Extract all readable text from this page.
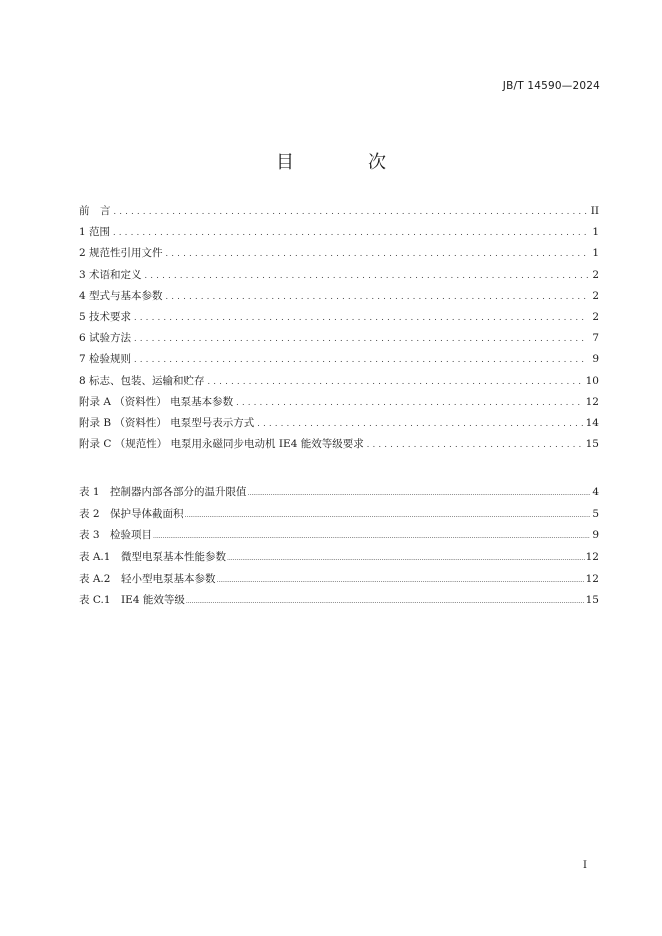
JB/T 14590—2024
目　次
前　言 . . .	II
1 范围 . . .	1
2 规范性引用文件 . . .	1
3 术语和定义 . . .	2
4 型式与基本参数 . . .	2
5 技术要求 . . .	2
6 试验方法 . . .	7
7 检验规则 . . .	9
8 标志、包装、运输和贮存 . . .	10
附录 A （资料性） 电泵基本参数 . . .	12
附录 B （资料性） 电泵型号表示方式 . . .	14
附录 C （规范性） 电泵用永磁同步电动机 IE4 能效等级要求 . . .	15
表 1　控制器内部各部分的温升限值 .....	4
表 2　保护导体截面积 .....	5
表 3　检验项目 .....	9
表 A.1　微型电泵基本性能参数 .....	12
表 A.2　轻小型电泵基本参数 .....	12
表 C.1　IE4 能效等级 .....	15
I
